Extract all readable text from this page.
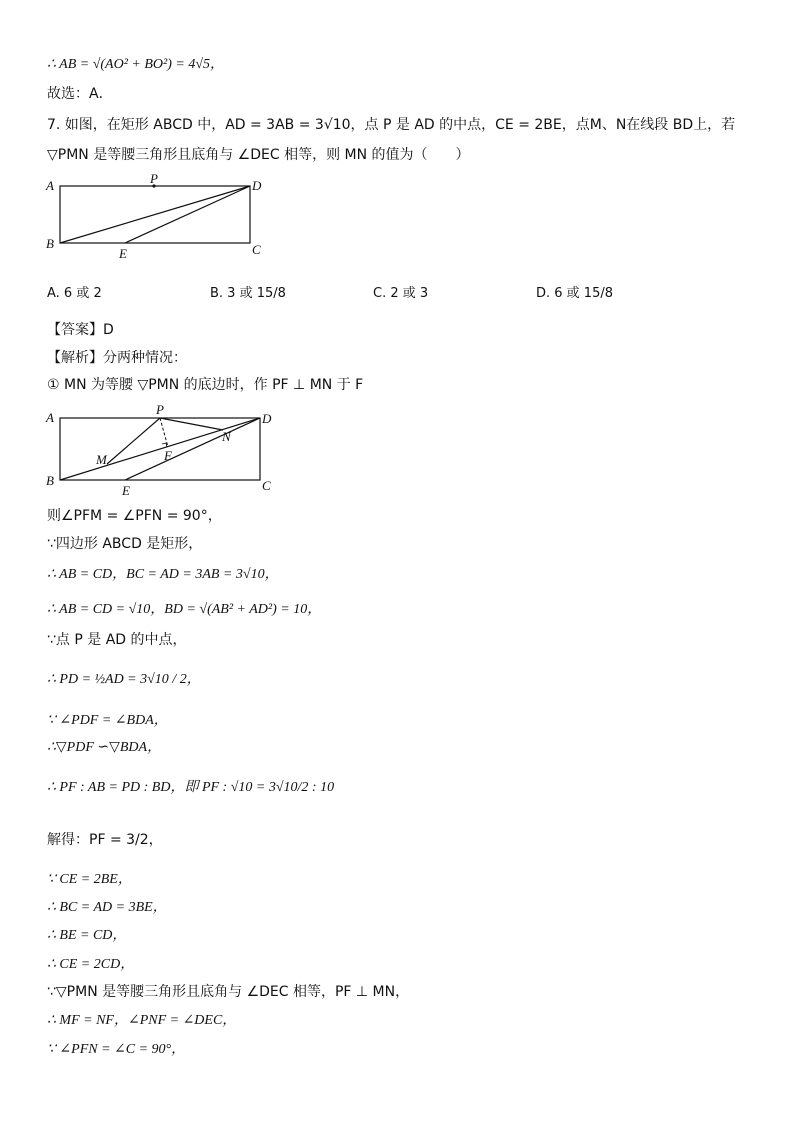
∴ AB = √(AO² + BO²) = 4√5，
故选：A．
7. 如图，在矩形 ABCD 中，AD = 3AB = 3√10，点 P 是 AD 的中点，CE = 2BE，点M、N在线段 BD上，若
▽PMN 是等腰三角形且底角与 ∠DEC 相等，则 MN 的值为（　　）
A
B	C
D
P
E
A. 6 或 2	B. 3 或 15/8	C. 2 或 3	D. 6 或 15/8
【答案】D
【解析】分两种情况：
① MN 为等腰 ▽PMN 的底边时，作 PF ⊥ MN 于 F
A
B	C
D
P
E
M
N
F
则∠PFM = ∠PFN = 90°，
∵四边形 ABCD 是矩形，
∴ AB = CD，BC = AD = 3AB = 3√10，
∴ AB = CD = √10，BD = √(AB² + AD²) = 10，
∵点 P 是 AD 的中点，
∴ PD = ½AD = 3√10 / 2，
∵ ∠PDF = ∠BDA，
∴▽PDF ∽▽BDA，
∴ PF : AB = PD : BD，即 PF : √10 = 3√10/2 : 10
解得：PF = 3/2，
∵ CE = 2BE，
∴ BC = AD = 3BE，
∴ BE = CD，
∴ CE = 2CD，
∵▽PMN 是等腰三角形且底角与 ∠DEC 相等，PF ⊥ MN，
∴ MF = NF，∠PNF = ∠DEC，
∵ ∠PFN = ∠C = 90°，
